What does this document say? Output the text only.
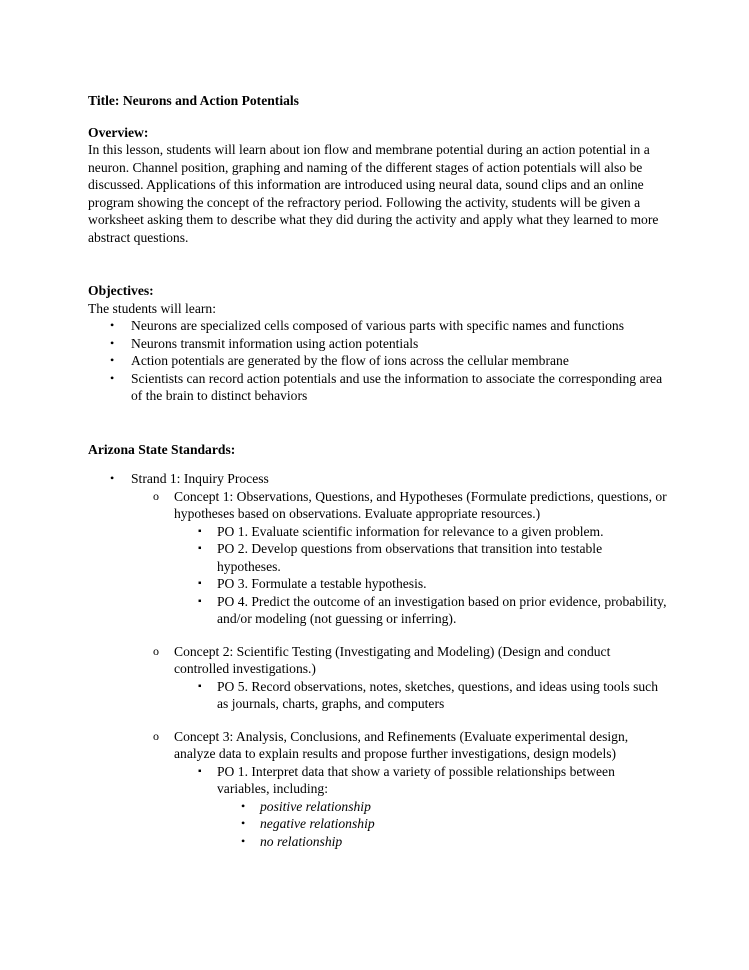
Title: Neurons and Action Potentials
Overview:

In this lesson, students will learn about ion flow and membrane potential during an action potential in a neuron. Channel position, graphing and naming of the different stages of action potentials will also be discussed. Applications of this information are introduced using neural data, sound clips and an online program showing the concept of the refractory period. Following the activity, students will be given a worksheet asking them to describe what they did during the activity and apply what they learned to more abstract questions.

Objectives:

The students will learn:

• Neurons are specialized cells composed of various parts with specific names and functions
• Neurons transmit information using action potentials
• Action potentials are generated by the flow of ions across the cellular membrane
• Scientists can record action potentials and use the information to associate the corresponding area of the brain to distinct behaviors
Arizona State Standards:
• Strand 1: Inquiry Process
o Concept 1: Observations, Questions, and Hypotheses (Formulate predictions, questions, or hypotheses based on observations. Evaluate appropriate resources.)
▪ PO 1. Evaluate scientific information for relevance to a given problem.
▪ PO 2. Develop questions from observations that transition into testable hypotheses.
▪ PO 3. Formulate a testable hypothesis.
▪ PO 4. Predict the outcome of an investigation based on prior evidence, probability, and/or modeling (not guessing or inferring).
o Concept 2: Scientific Testing (Investigating and Modeling) (Design and conduct controlled investigations.)
▪ PO 5. Record observations, notes, sketches, questions, and ideas using tools such as journals, charts, graphs, and computers
o Concept 3: Analysis, Conclusions, and Refinements (Evaluate experimental design, analyze data to explain results and propose further investigations, design models)
▪ PO 1. Interpret data that show a variety of possible relationships between variables, including:
• positive relationship
• negative relationship
• no relationship
